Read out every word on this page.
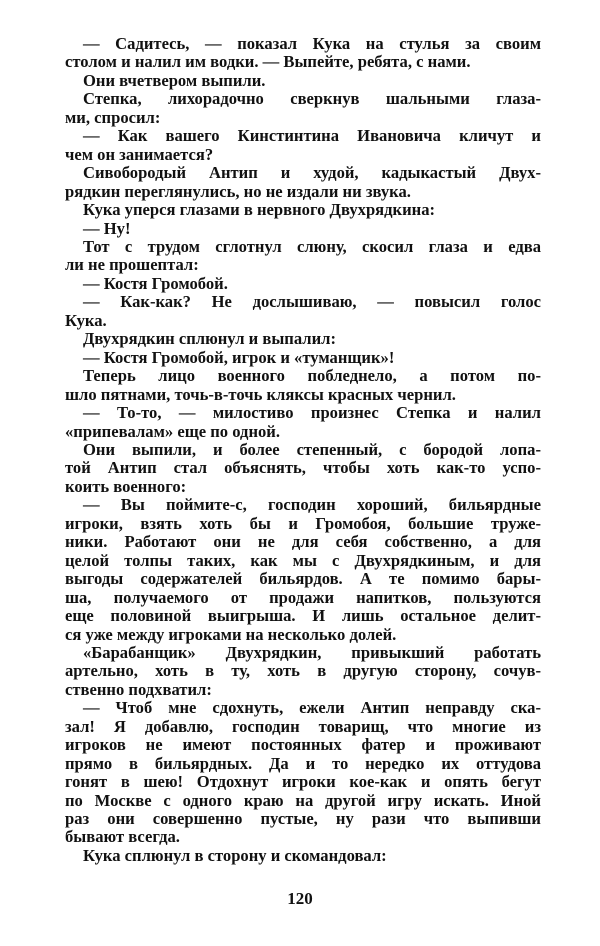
— Садитесь, — показал Кука на стулья за своим
столом и налил им водки. — Выпейте, ребята, с нами.
Они вчетвером выпили.
Степка, лихорадочно сверкнув шальными глаза-
ми, спросил:
— Как вашего Кинстинтина Ивановича кличут и
чем он занимается?
Сивобородый Антип и худой, кадыкастый Двух-
рядкин переглянулись, но не издали ни звука.
Кука уперся глазами в нервного Двухрядкина:
— Ну!
Тот с трудом сглотнул слюну, скосил глаза и едва
ли не прошептал:
— Костя Громобой.
— Как-как? Не дослышиваю, — повысил голос
Кука.
Двухрядкин сплюнул и выпалил:
— Костя Громобой, игрок и «туманщик»!
Теперь лицо военного побледнело, а потом по-
шло пятнами, точь-в-точь кляксы красных чернил.
— То-то, — милостиво произнес Степка и налил
«припевалам» еще по одной.
Они выпили, и более степенный, с бородой лопа-
той Антип стал объяснять, чтобы хоть как-то успо-
коить военного:
— Вы поймите-с, господин хороший, бильярдные
игроки, взять хоть бы и Громобоя, большие труже-
ники. Работают они не для себя собственно, а для
целой толпы таких, как мы с Двухрядкиным, и для
выгоды содержателей бильярдов. А те помимо бары-
ша, получаемого от продажи напитков, пользуются
еще половиной выигрыша. И лишь остальное делит-
ся уже между игроками на несколько долей.
«Барабанщик» Двухрядкин, привыкший работать
артельно, хоть в ту, хоть в другую сторону, сочув-
ственно подхватил:
— Чтоб мне сдохнуть, ежели Антип неправду ска-
зал! Я добавлю, господин товарищ, что многие из
игроков не имеют постоянных фатер и проживают
прямо в бильярдных. Да и то нередко их оттудова
гонят в шею! Отдохнут игроки кое-как и опять бегут
по Москве с одного краю на другой игру искать. Иной
раз они совершенно пустые, ну рази что выпивши
бывают всегда.
Кука сплюнул в сторону и скомандовал:
120
